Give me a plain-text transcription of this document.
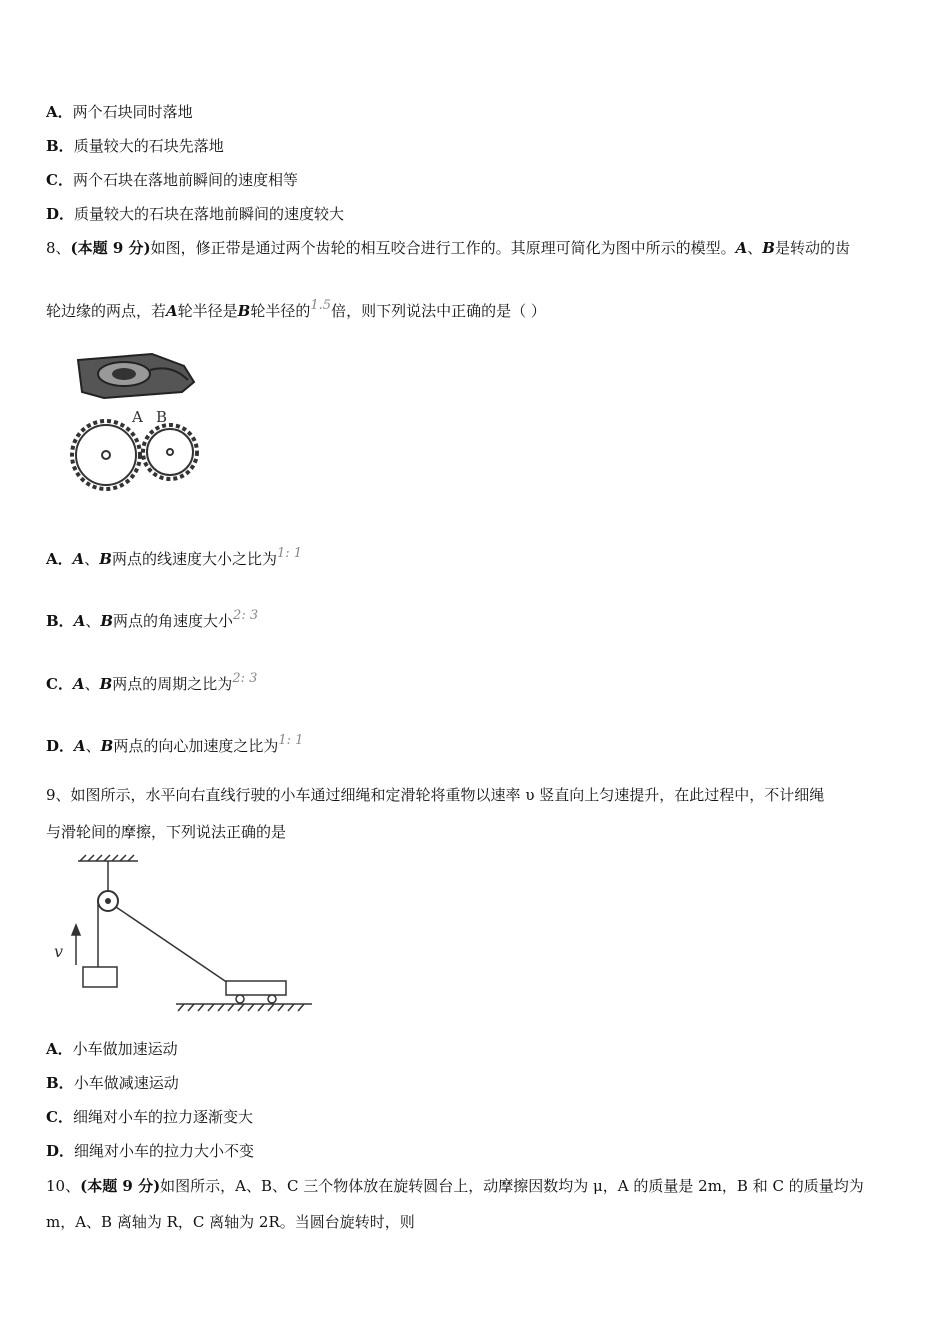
A．两个石块同时落地
B．质量较大的石块先落地
C．两个石块在落地前瞬间的速度相等
D．质量较大的石块在落地前瞬间的速度较大
8、(本题 9 分)如图，修正带是通过两个齿轮的相互咬合进行工作的。其原理可简化为图中所示的模型。A、B是转动的齿
轮边缘的两点，若A轮半径是B轮半径的1.5倍，则下列说法中正确的是（ ）
A B
A．A、B两点的线速度大小之比为1: 1
B．A、B两点的角速度大小2: 3
C．A、B两点的周期之比为2: 3
D．A、B两点的向心加速度之比为1: 1
9、如图所示，水平向右直线行驶的小车通过细绳和定滑轮将重物以速率 υ 竖直向上匀速提升，在此过程中，不计细绳
与滑轮间的摩擦，下列说法正确的是
v
A．小车做加速运动
B．小车做减速运动
C．细绳对小车的拉力逐渐变大
D．细绳对小车的拉力大小不变
10、(本题 9 分)如图所示，A、B、C 三个物体放在旋转圆台上，动摩擦因数均为 μ，A 的质量是 2m，B 和 C 的质量均为
m，A、B 离轴为 R，C 离轴为 2R。当圆台旋转时，则
